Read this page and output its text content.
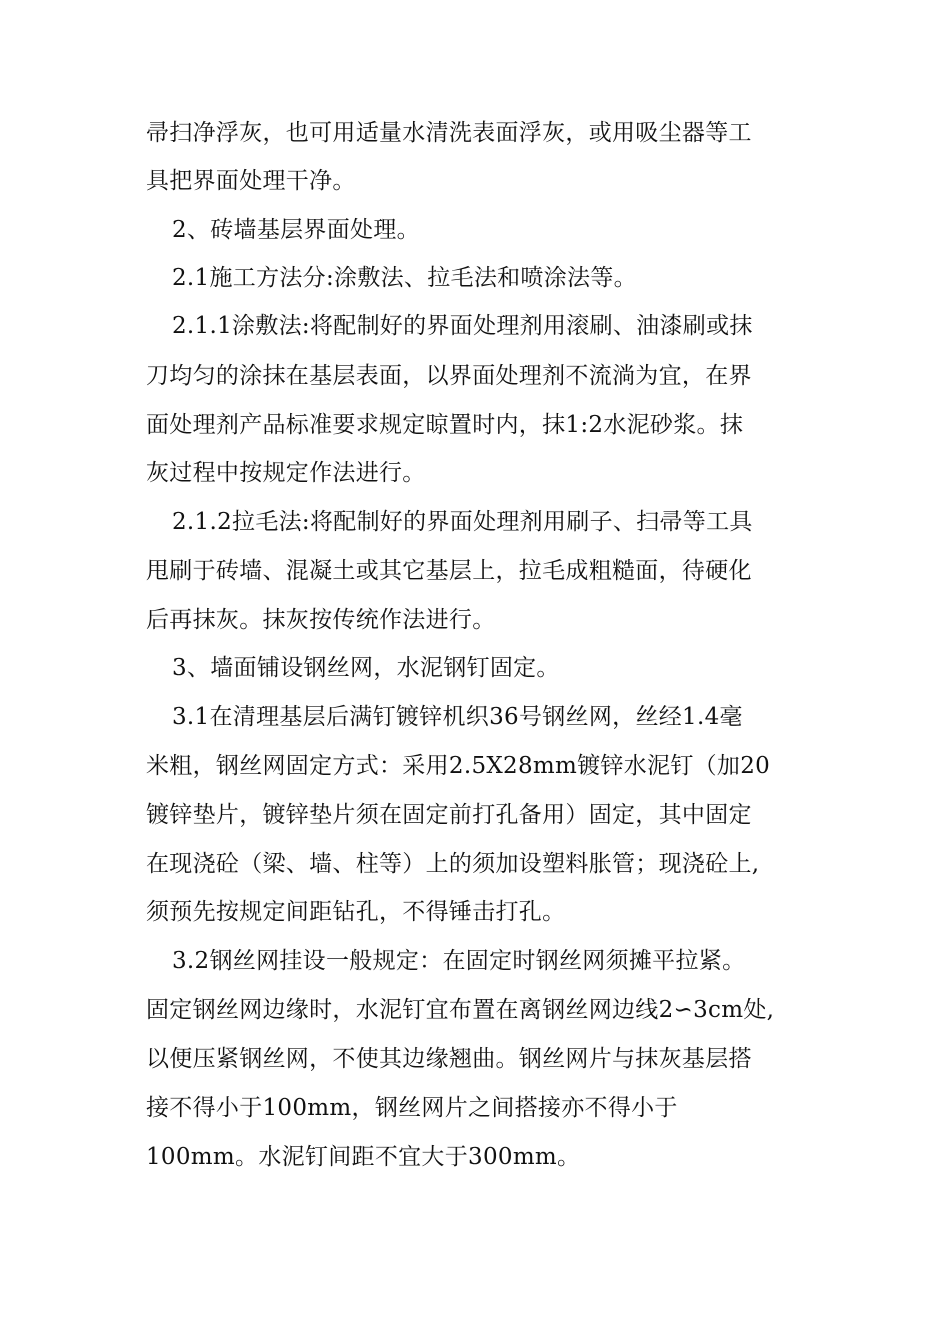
帚扫净浮灰，也可用适量水清洗表面浮灰，或用吸尘器等工
具把界面处理干净。
2、砖墙基层界面处理。
2.1施工方法分:涂敷法、拉毛法和喷涂法等。
2.1.1涂敷法:将配制好的界面处理剂用滚刷、油漆刷或抹
刀均匀的涂抹在基层表面，以界面处理剂不流淌为宜，在界
面处理剂产品标准要求规定晾置时内，抹1:2水泥砂浆。抹
灰过程中按规定作法进行。
2.1.2拉毛法:将配制好的界面处理剂用刷子、扫帚等工具
甩刷于砖墙、混凝土或其它基层上，拉毛成粗糙面，待硬化
后再抹灰。抹灰按传统作法进行。
3、墙面铺设钢丝网，水泥钢钉固定。
3.1在清理基层后满钉镀锌机织36号钢丝网，丝经1.4毫
米粗，钢丝网固定方式：采用2.5X28mm镀锌水泥钉（加20
镀锌垫片，镀锌垫片须在固定前打孔备用）固定，其中固定
在现浇砼（梁、墙、柱等）上的须加设塑料胀管；现浇砼上,
须预先按规定间距钻孔，不得锤击打孔。
3.2钢丝网挂设一般规定：在固定时钢丝网须摊平拉紧。
固定钢丝网边缘时，水泥钉宜布置在离钢丝网边线2∽3cm处,
以便压紧钢丝网，不使其边缘翘曲。钢丝网片与抹灰基层搭
接不得小于100mm，钢丝网片之间搭接亦不得小于
100mm。水泥钉间距不宜大于300mm。
